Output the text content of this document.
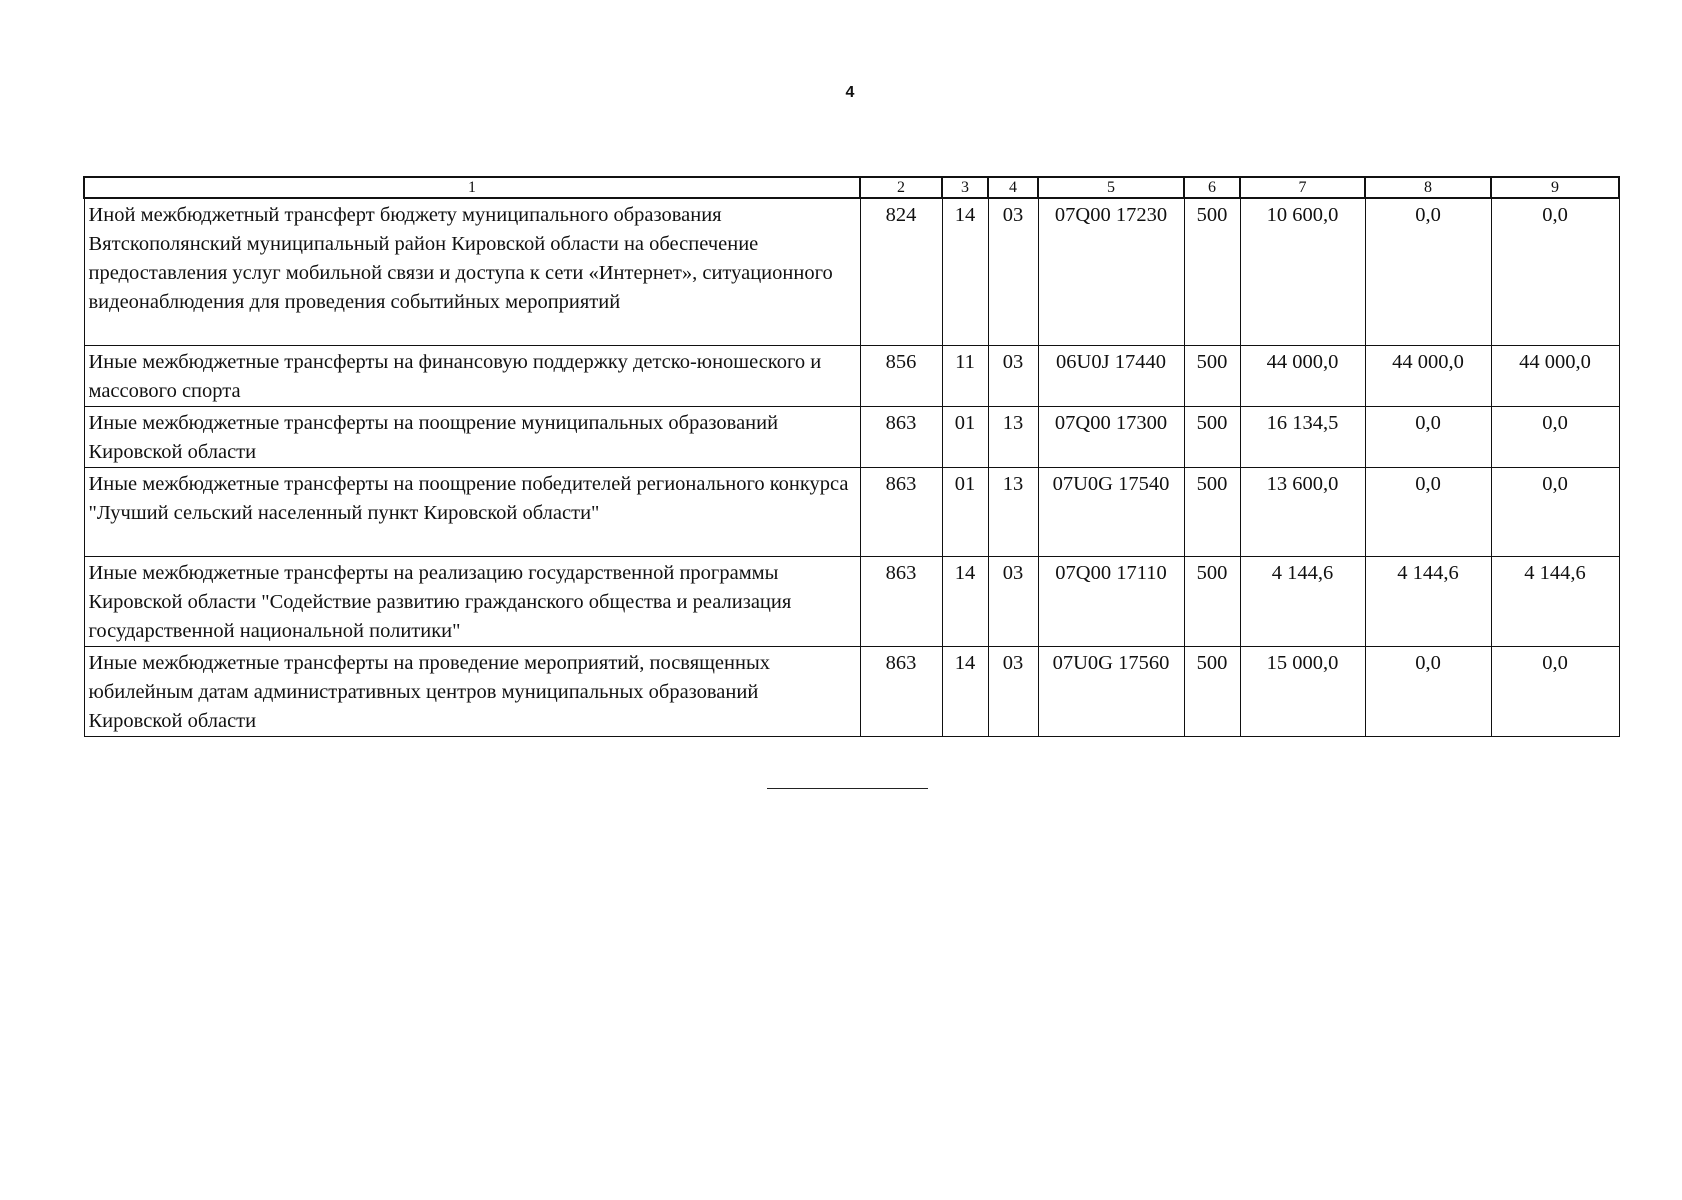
4
1	2	3	4	5	6	7	8	9
Иной межбюджетный трансферт бюджету муниципального образования Вятскополянский муниципальный район Кировской области на обеспечение предоставления услуг мобильной связи и доступа к сети «Интернет», ситуационного видеонаблюдения для проведения событийных мероприятий	824	14	03	07Q00 17230	500	10 600,0	0,0	0,0
Иные межбюджетные трансферты на финансовую поддержку детско-юношеского и массового спорта	856	11	03	06U0J 17440	500	44 000,0	44 000,0	44 000,0
Иные межбюджетные трансферты на поощрение муниципальных образований Кировской области	863	01	13	07Q00 17300	500	16 134,5	0,0	0,0
Иные межбюджетные трансферты на поощрение победителей регионального конкурса "Лучший сельский населенный пункт Кировской области"	863	01	13	07U0G 17540	500	13 600,0	0,0	0,0
Иные межбюджетные трансферты на реализацию государственной программы Кировской области "Содействие развитию гражданского общества и реализация государственной национальной политики"	863	14	03	07Q00 17110	500	4 144,6	4 144,6	4 144,6
Иные межбюджетные трансферты на проведение мероприятий, посвященных юбилейным датам административных центров муниципальных образований Кировской области	863	14	03	07U0G 17560	500	15 000,0	0,0	0,0
